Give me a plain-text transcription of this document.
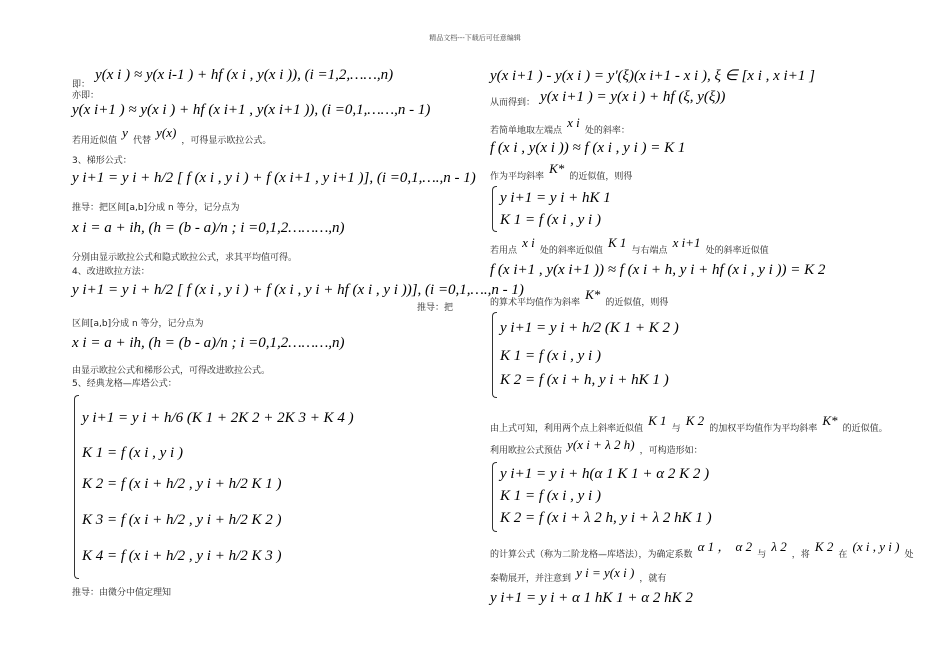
精品文档---下载后可任意编辑
$_{即:}$ y(x i ) ≈ y(x i-1 ) + hf (x i , y(x i )), (i =1,2,……,n)
亦即：
y(x i+1 ) ≈ y(x i ) + hf (x i+1 , y(x i+1 )), (i =0,1,……,n - 1)
若用近似值 $^y$ 代替 $^{y(x)}$ ，可得显示欧拉公式。
3、梯形公式：
y i+1 = y i + h/2 [ f (x i , y i ) + f (x i+1 , y i+1 )], (i =0,1,….,n - 1)
推导：把区间[a,b]分成 n 等分，记分点为
x i = a + ih, (h = (b - a)/n ; i =0,1,2………,n)
分别由显示欧拉公式和隐式欧拉公式，求其平均值可得。
4、改进欧拉方法：
y i+1 = y i + h/2 [ f (x i , y i ) + f (x i , y i + hf (x i , y i ))], (i =0,1,….,n - 1)
推导：把
区间[a,b]分成 n 等分，记分点为
x i = a + ih, (h = (b - a)/n ; i =0,1,2………,n)
由显示欧拉公式和梯形公式，可得改进欧拉公式。
5、经典龙格—库塔公式：
y i+1 = y i + h/6 (K 1 + 2K 2 + 2K 3 + K 4 )
K 1 = f (x i , y i )
K 2 = f (x i + h/2 , y i + h/2 K 1 )
K 3 = f (x i + h/2 , y i + h/2 K 2 )
K 4 = f (x i + h/2 , y i + h/2 K 3 )
推导：由微分中值定理知
y(x i+1 ) - y(x i ) = y'(ξ)(x i+1 - x i ), ξ ∈ [x i , x i+1 ]
$_{从而得到:}$ y(x i+1 ) = y(x i ) + hf (ξ, y(ξ))
若简单地取左端点 $^{x i}$ 处的斜率：
f (x i , y(x i )) ≈ f (x i , y i ) = K 1
作为平均斜率 $^{K*}$ 的近似值，则得
y i+1 = y i + hK 1
K 1 = f (x i , y i )
若用点 $^{x i}$ 处的斜率近似值 $^{K 1}$ 与右端点 $^{x i+1}$ 处的斜率近似值
f (x i+1 , y(x i+1 )) ≈ f (x i + h, y i + hf (x i , y i )) = K 2
的算术平均值作为斜率 $^{K*}$ 的近似值，则得
y i+1 = y i + h/2 (K 1 + K 2 )
K 1 = f (x i , y i )
K 2 = f (x i + h, y i + hK 1 )
由上式可知，利用两个点上斜率近似值 $^{K 1}$ 与 $^{K 2}$ 的加权平均值作为平均斜率 $^{K*}$ 的近似值。
利用欧拉公式预估 $^{y(x i + \lambda 2 h)}$ ，可构造形如：
y i+1 = y i + h(α 1 K 1 + α 2 K 2 )
K 1 = f (x i , y i )
K 2 = f (x i + λ 2 h, y i + λ 2 hK 1 )
的计算公式（称为二阶龙格—库塔法），为确定系数 $^{\alpha 1 ,}$ $^{\alpha 2}$ 与 $^{\lambda 2}$ ，将 $^{K 2}$ 在 $^{(x i , y i )}$ 处
泰勒展开，并注意到 $^{y i = y(x i )}$ ，就有
y i+1 = y i + α 1 hK 1 + α 2 hK 2
